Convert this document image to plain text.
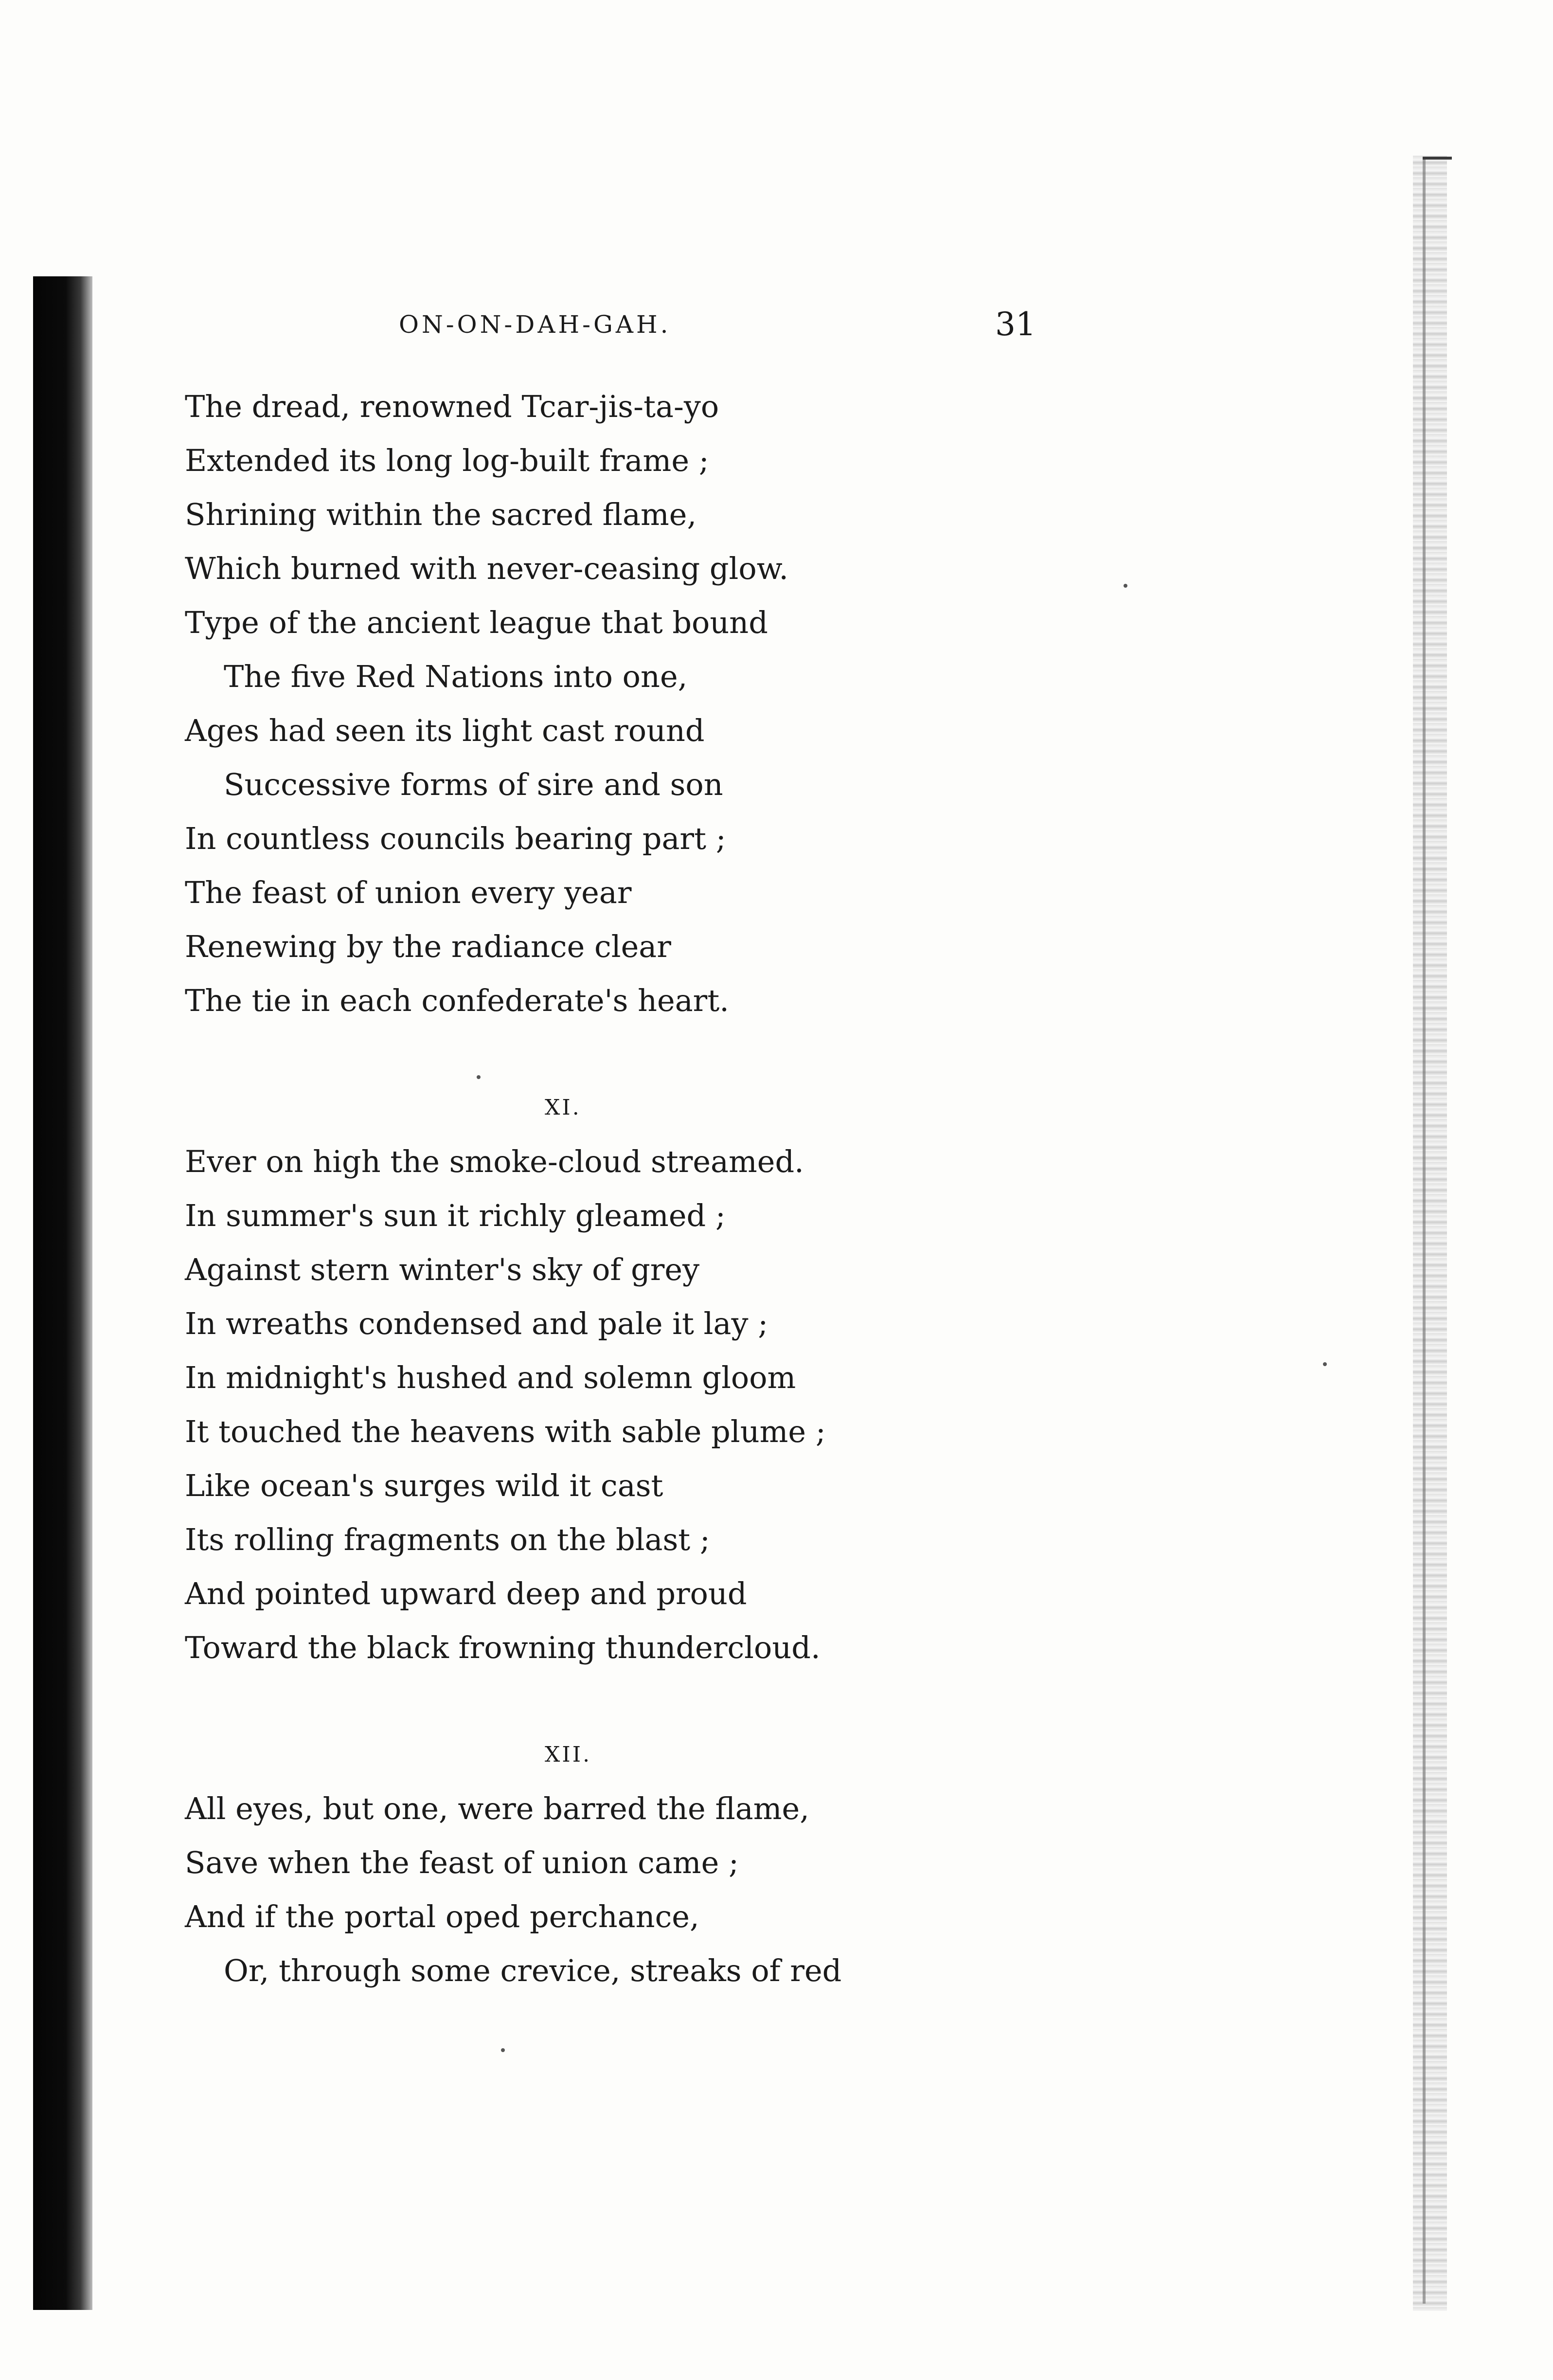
ON-ON-DAH-GAH.	31

The dread, renowned Tcar-jis-ta-yo
Extended its long log-built frame ;
Shrining within the sacred flame,
Which burned with never-ceasing glow.
Type of the ancient league that bound
The five Red Nations into one,
Ages had seen its light cast round
Successive forms of sire and son
In countless councils bearing part ;
The feast of union every year
Renewing by the radiance clear
The tie in each confederate's heart.
XI.
Ever on high the smoke-cloud streamed.
In summer's sun it richly gleamed ;
Against stern winter's sky of grey
In wreaths condensed and pale it lay ;
In midnight's hushed and solemn gloom
It touched the heavens with sable plume ;
Like ocean's surges wild it cast
Its rolling fragments on the blast ;
And pointed upward deep and proud
Toward the black frowning thundercloud.
XII.
All eyes, but one, were barred the flame,
Save when the feast of union came ;
And if the portal oped perchance,
Or, through some crevice, streaks of red
